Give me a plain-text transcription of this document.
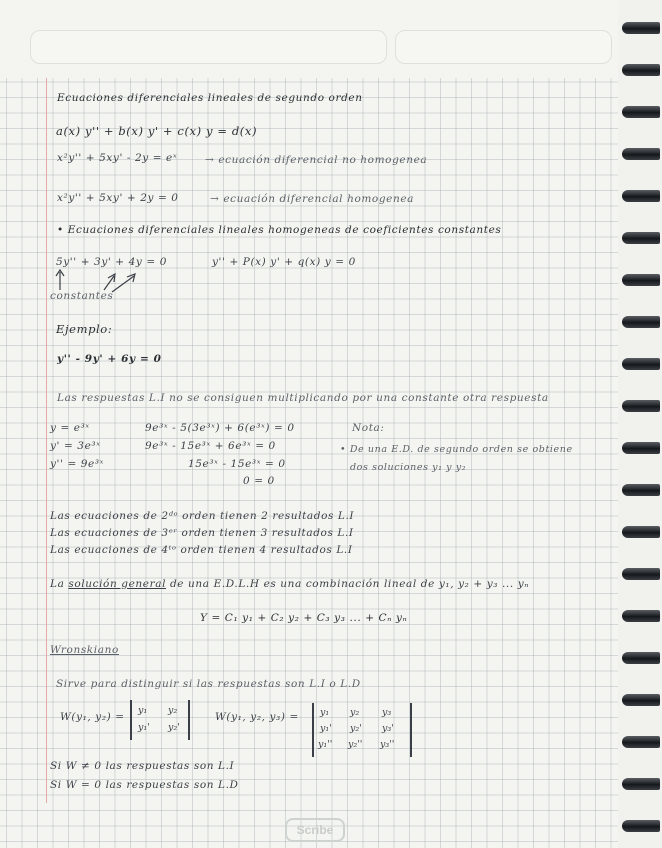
Ecuaciones diferenciales lineales de segundo orden
a(x) y'' + b(x) y' + c(x) y = d(x)
x²y'' + 5xy' - 2y = eˣ	→ ecuación diferencial no homogenea
x²y'' + 5xy' + 2y = 0	→ ecuación diferencial homogenea
• Ecuaciones diferenciales lineales homogeneas de coeficientes constantes
5y'' + 3y' + 4y = 0	y'' + P(x) y' + q(x) y = 0
constantes
Ejemplo:
y'' - 9y' + 6y = 0
Las respuestas L.I no se consiguen multiplicando por una constante otra respuesta
y = e³ˣ
y' = 3e³ˣ
y'' = 9e³ˣ
9e³ˣ - 5(3e³ˣ) + 6(e³ˣ) = 0
9e³ˣ - 15e³ˣ + 6e³ˣ = 0
15e³ˣ - 15e³ˣ = 0
0 = 0
Nota:
• De una E.D. de segundo orden se obtiene
dos soluciones y₁ y y₂
Las ecuaciones de 2ᵈᵒ orden tienen 2 resultados L.I
Las ecuaciones de 3ᵉʳ orden tienen 3 resultados L.I
Las ecuaciones de 4ᵗᵒ orden tienen 4 resultados L.I
La solución general de una E.D.L.H es una combinación lineal de y₁, y₂ + y₃ ... yₙ
Y = C₁ y₁ + C₂ y₂ + C₃ y₃ ... + Cₙ yₙ
Wronskiano
Sirve para distinguir si las respuestas son L.I o L.D
W(y₁, y₂) =
y₁ y₂
y₁' y₂'
W(y₁, y₂, y₃) = y₁ y₂ y₃
y₁' y₂' y₃'
y₁'' y₂'' y₃''
Si W ≠ 0 las respuestas son L.I
Si W = 0 las respuestas son L.D
Scribe
